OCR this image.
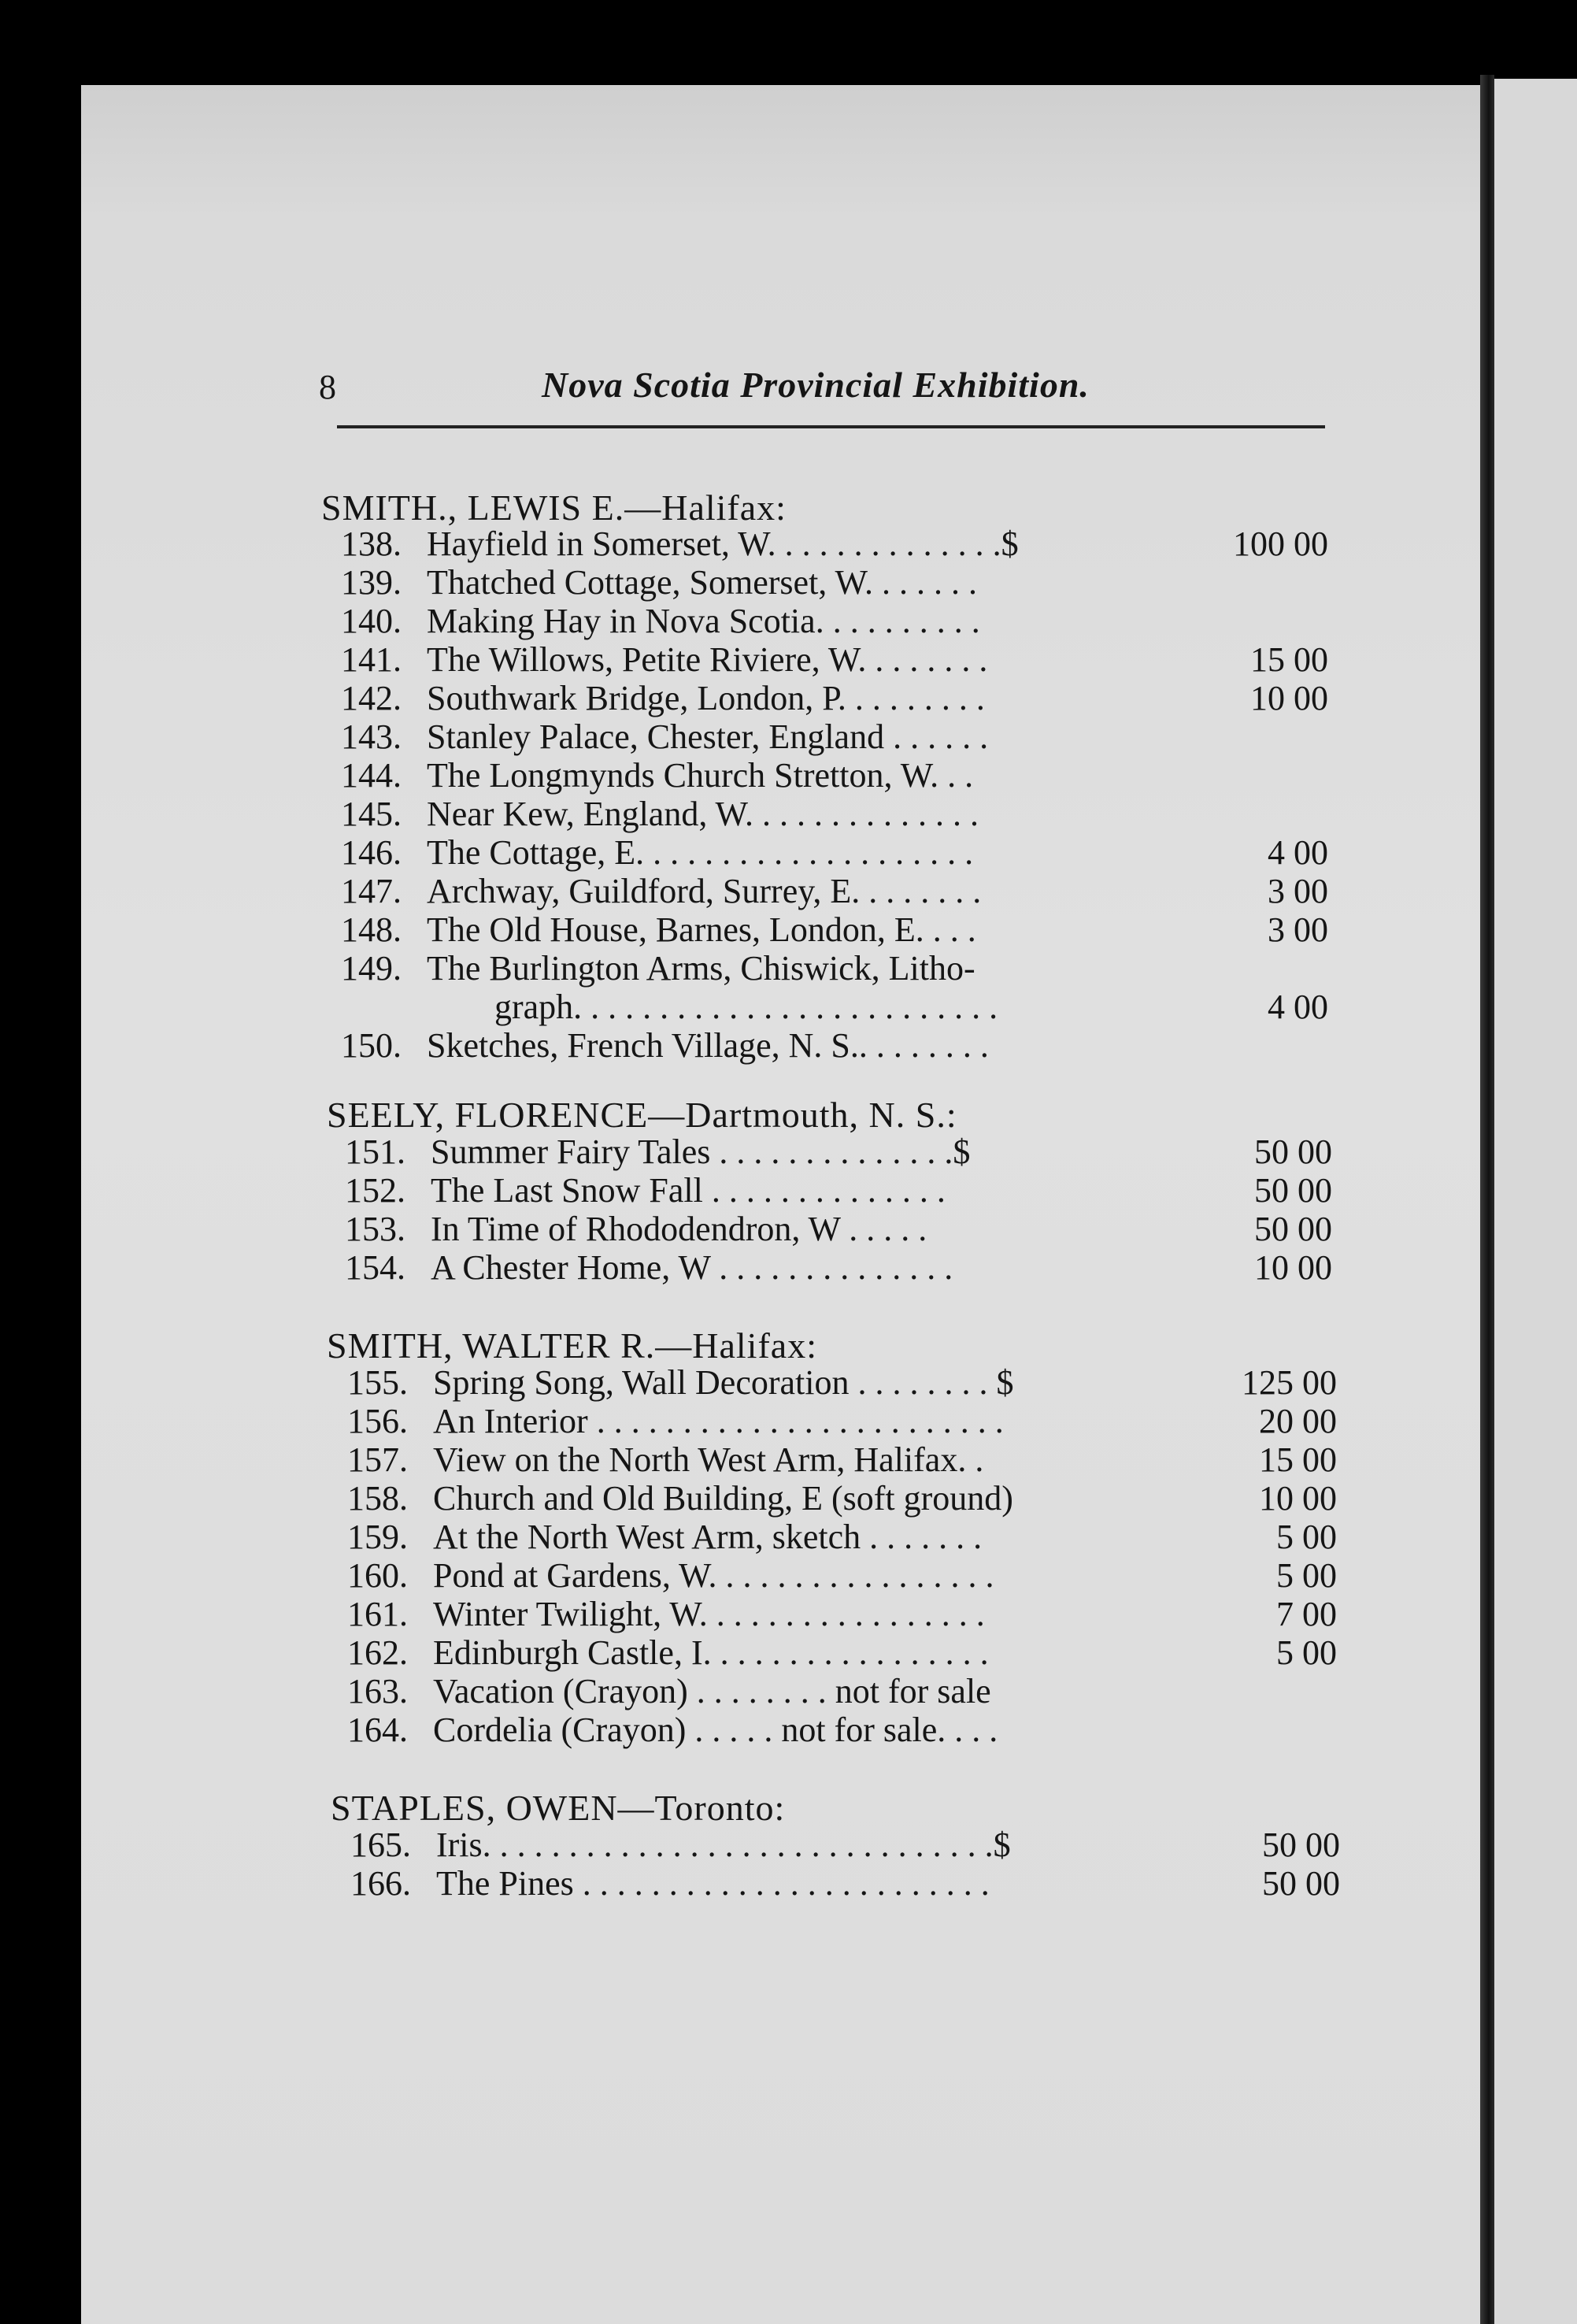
8	Nova Scotia Provincial Exhibition.
SMITH., LEWIS E.—Halifax:
138. Hayfield in Somerset, W. . . . . . . . . . . . . .$	100 00
139. Thatched Cottage, Somerset, W. . . . . . .
140. Making Hay in Nova Scotia. . . . . . . . . .
141. The Willows, Petite Riviere, W. . . . . . . .	15 00
142. Southwark Bridge, London, P. . . . . . . . .	10 00
143. Stanley Palace, Chester, England . . . . . .
144. The Longmynds Church Stretton, W. . .
145. Near Kew, England, W. . . . . . . . . . . . . .
146. The Cottage, E. . . . . . . . . . . . . . . . . . . .	4 00
147. Archway, Guildford, Surrey, E. . . . . . . .	3 00
148. The Old House, Barnes, London, E. . . .	3 00
149. The Burlington Arms, Chiswick, Litho-
graph. . . . . . . . . . . . . . . . . . . . . . . . .	4 00
150. Sketches, French Village, N. S.. . . . . . . .
SEELY, FLORENCE—Dartmouth, N. S.:
151. Summer Fairy Tales . . . . . . . . . . . . . .$	50 00
152. The Last Snow Fall . . . . . . . . . . . . . .	50 00
153. In Time of Rhododendron, W . . . . .	50 00
154. A Chester Home, W . . . . . . . . . . . . . .	10 00
SMITH, WALTER R.—Halifax:
155. Spring Song, Wall Decoration . . . . . . . . $	125 00
156. An Interior . . . . . . . . . . . . . . . . . . . . . . . .	20 00
157. View on the North West Arm, Halifax. .	15 00
158. Church and Old Building, E (soft ground)	10 00
159. At the North West Arm, sketch . . . . . . .	5 00
160. Pond at Gardens, W. . . . . . . . . . . . . . . . .	5 00
161. Winter Twilight, W. . . . . . . . . . . . . . . . .	7 00
162. Edinburgh Castle, I. . . . . . . . . . . . . . . . .	5 00
163. Vacation (Crayon) . . . . . . . . not for sale
164. Cordelia (Crayon) . . . . . not for sale. . . .
STAPLES, OWEN—Toronto:
165. Iris. . . . . . . . . . . . . . . . . . . . . . . . . . . . . .$	50 00
166. The Pines . . . . . . . . . . . . . . . . . . . . . . . .	50 00
